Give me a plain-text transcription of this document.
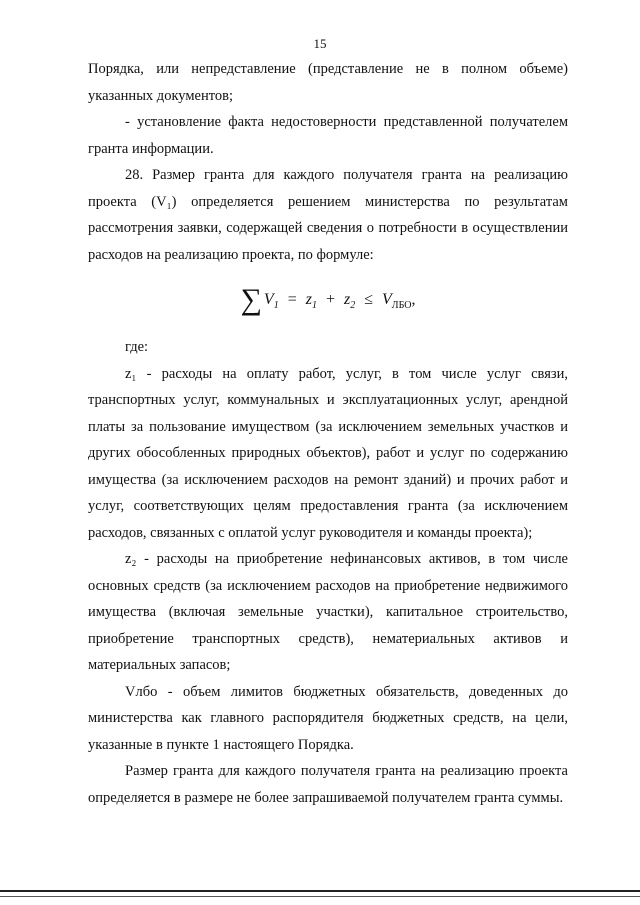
15

Порядка, или непредставление (представление не в полном объеме) указанных документов;

- установление факта недостоверности представленной получателем гранта информации.

28. Размер гранта для каждого получателя гранта на реализацию проекта (V₁) определяется решением министерства по результатам рассмотрения заявки, содержащей сведения о потребности в осуществлении расходов на реализацию проекта, по формуле:

∑ $V_1 = z_1 + z_2 \le V_{ЛБО}$,

где:

z₁ - расходы на оплату работ, услуг, в том числе услуг связи, транспортных услуг, коммунальных и эксплуатационных услуг, арендной платы за пользование имуществом (за исключением земельных участков и других обособленных природных объектов), работ и услуг по содержанию имущества (за исключением расходов на ремонт зданий) и прочих работ и услуг, соответствующих целям предоставления гранта (за исключением расходов, связанных с оплатой услуг руководителя и команды проекта);

z₂ - расходы на приобретение нефинансовых активов, в том числе основных средств (за исключением расходов на приобретение недвижимого имущества (включая земельные участки), капитальное строительство, приобретение транспортных средств), нематериальных активов и материальных запасов;

Vлбо - объем лимитов бюджетных обязательств, доведенных до министерства как главного распорядителя бюджетных средств, на цели, указанные в пункте 1 настоящего Порядка.

Размер гранта для каждого получателя гранта на реализацию проекта определяется в размере не более запрашиваемой получателем гранта суммы.
